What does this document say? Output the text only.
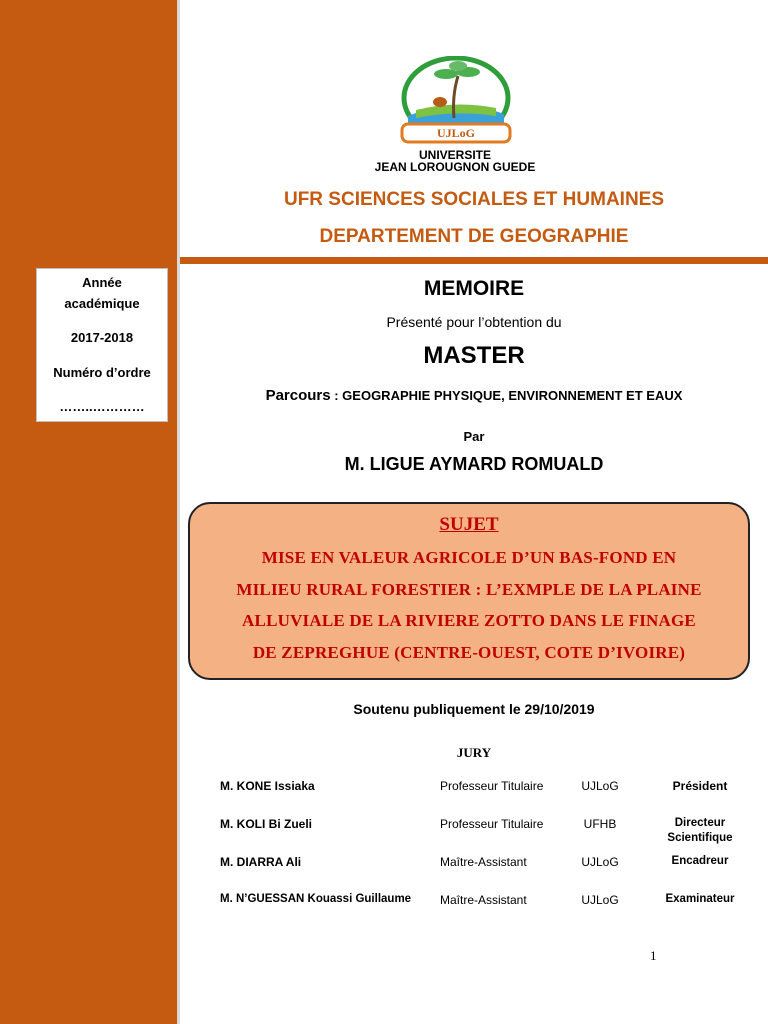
Année
académique
2017-2018
Numéro d’ordre
……..…………
UJLoG
UNIVERSITE
JEAN LOROUGNON GUEDE
UFR SCIENCES SOCIALES ET HUMAINES
DEPARTEMENT DE GEOGRAPHIE
MEMOIRE
Présenté pour l’obtention du
MASTER
Parcours : GEOGRAPHIE PHYSIQUE, ENVIRONNEMENT ET EAUX
Par
M. LIGUE AYMARD ROMUALD
SUJET
MISE EN VALEUR AGRICOLE D’UN BAS-FOND EN
MILIEU RURAL FORESTIER : L’EXMPLE DE LA PLAINE
ALLUVIALE DE LA RIVIERE ZOTTO DANS LE FINAGE
DE ZEPREGHUE (CENTRE-OUEST, COTE D’IVOIRE)
Soutenu publiquement le 29/10/2019
JURY
M. KONE Issiaka	Professeur Titulaire	UJLoG	Président
M. KOLI Bi Zueli	Professeur Titulaire	UFHB	Directeur
Scientifique
M. DIARRA Ali	Maître-Assistant	UJLoG	Encadreur
M. N’GUESSAN Kouassi Guillaume Maître-Assistant	UJLoG	Examinateur
1
